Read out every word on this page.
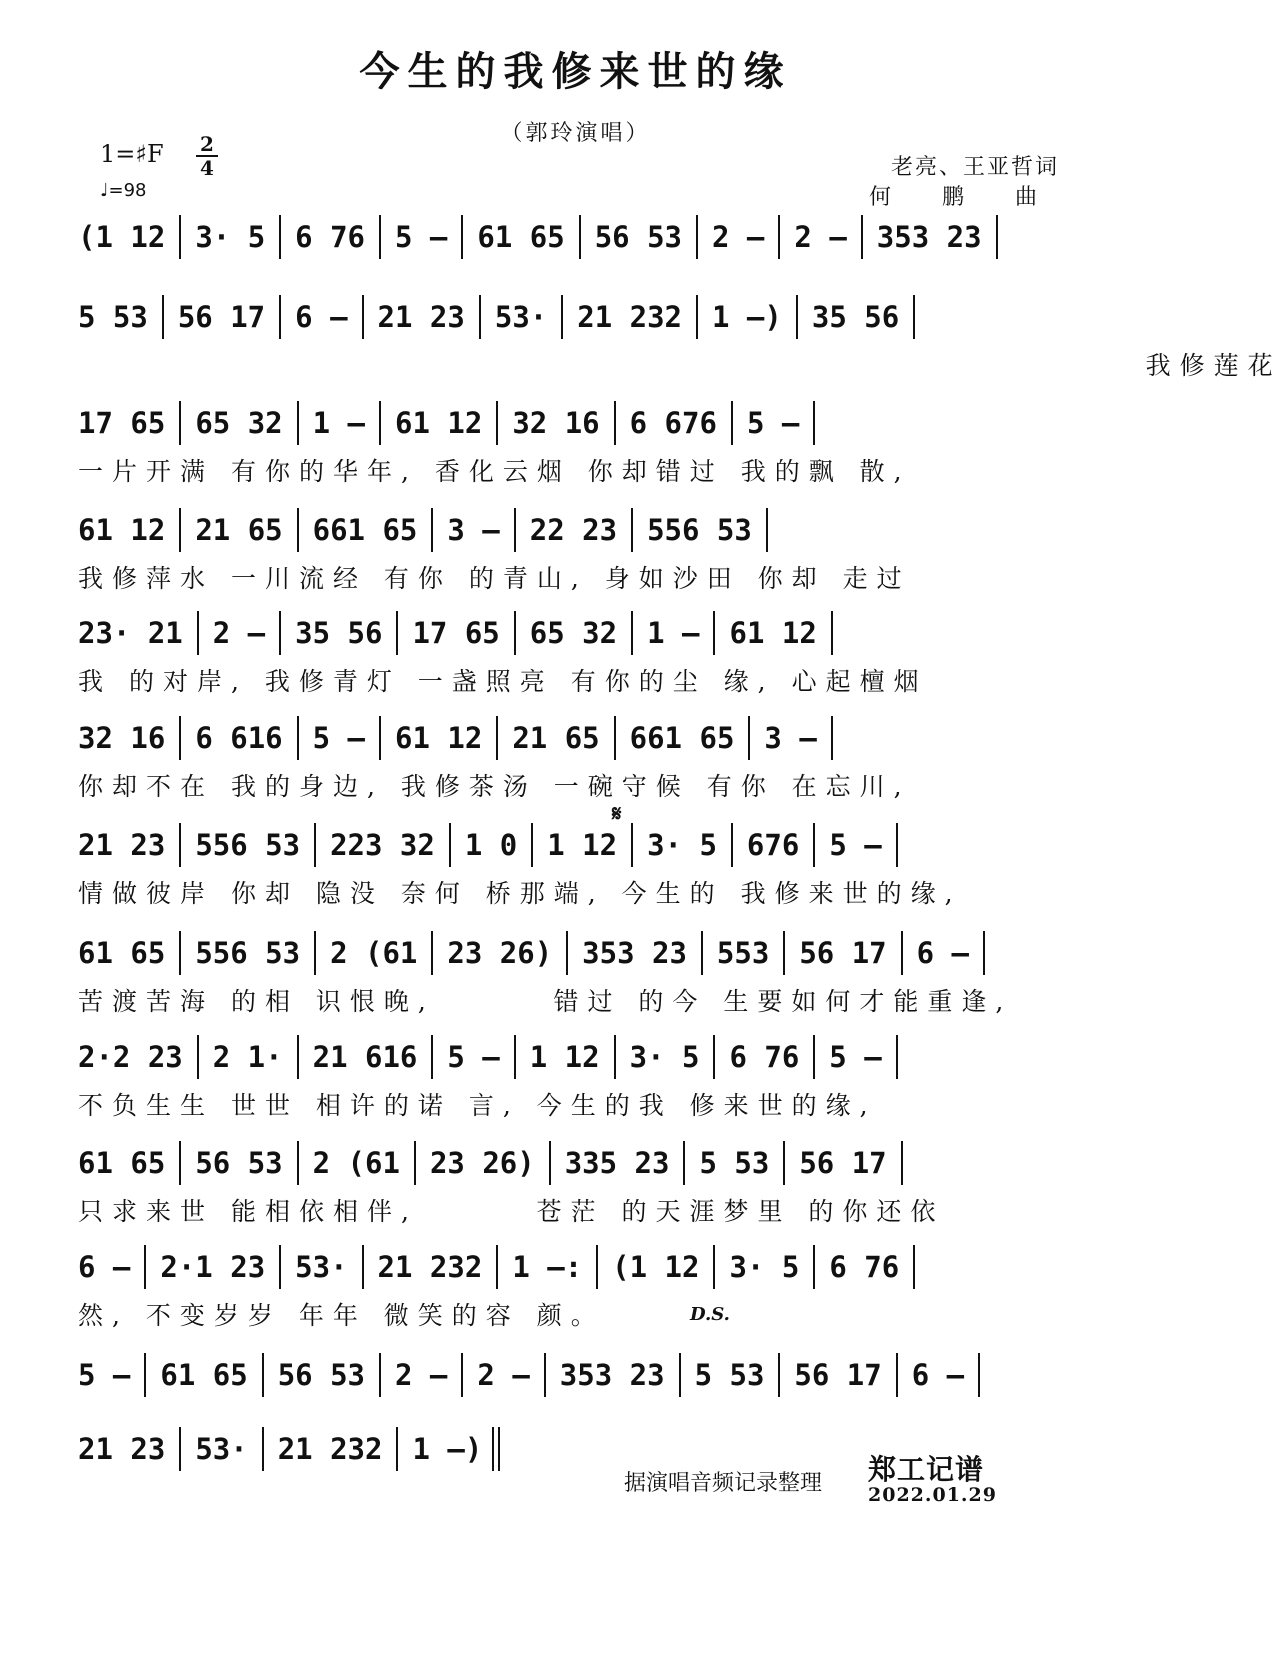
今生的我修来世的缘
（郭玲演唱）
1=♯F 2
4
♩=98
老亮、王亚哲词
何 鹏 曲
𝄋
(1 12 3· 5 6 76 5 – 61 65 56 53 2 – 2 – 353 23
5 53 56 17 6 – 21 23 53· 21 232 1 –) 35 56
我修莲花
17 65 65 32 1 – 61 12 32 16 6 676 5 –
一片开满 有你的华年, 香化云烟 你却错过 我的飘 散,
61 12 21 65 661 65 3 – 22 23 556 53
我修萍水 一川流经 有你 的青山, 身如沙田 你却 走过
23· 21 2 – 35 56 17 65 65 32 1 – 61 12
我 的对岸, 我修青灯 一盏照亮 有你的尘 缘, 心起檀烟
32 16 6 616 5 – 61 12 21 65 661 65 3 –
你却不在 我的身边, 我修茶汤 一碗守候 有你 在忘川,
21 23 556 53 223 32 1 0 1 12 3· 5 676 5 –
情做彼岸 你却 隐没 奈何 桥那端, 今生的 我修来世的缘,
61 65 556 53 2 (61 23 26) 353 23 553 56 17 6 –
苦渡苦海 的相 识恨晚,       错过 的今 生要如何才能重逢,
2·2 23 2 1· 21 616 5 – 1 12 3· 5 6 76 5 –
不负生生 世世 相许的诺 言, 今生的我 修来世的缘,
61 65 56 53 2 (61 23 26) 335 23 5 53 56 17
只求来世 能相依相伴,       苍茫 的天涯梦里 的你还依
6 – 2·1 23 53· 21 232 1 –: (1 12 3· 5 6 76
然, 不变岁岁 年年 微笑的容 颜。	D.S.
5 – 61 65 56 53 2 – 2 – 353 23 5 53 56 17 6 –
21 23 53· 21 232 1 –)
据演唱音频记录整理 郑工记谱
2022.01.29
